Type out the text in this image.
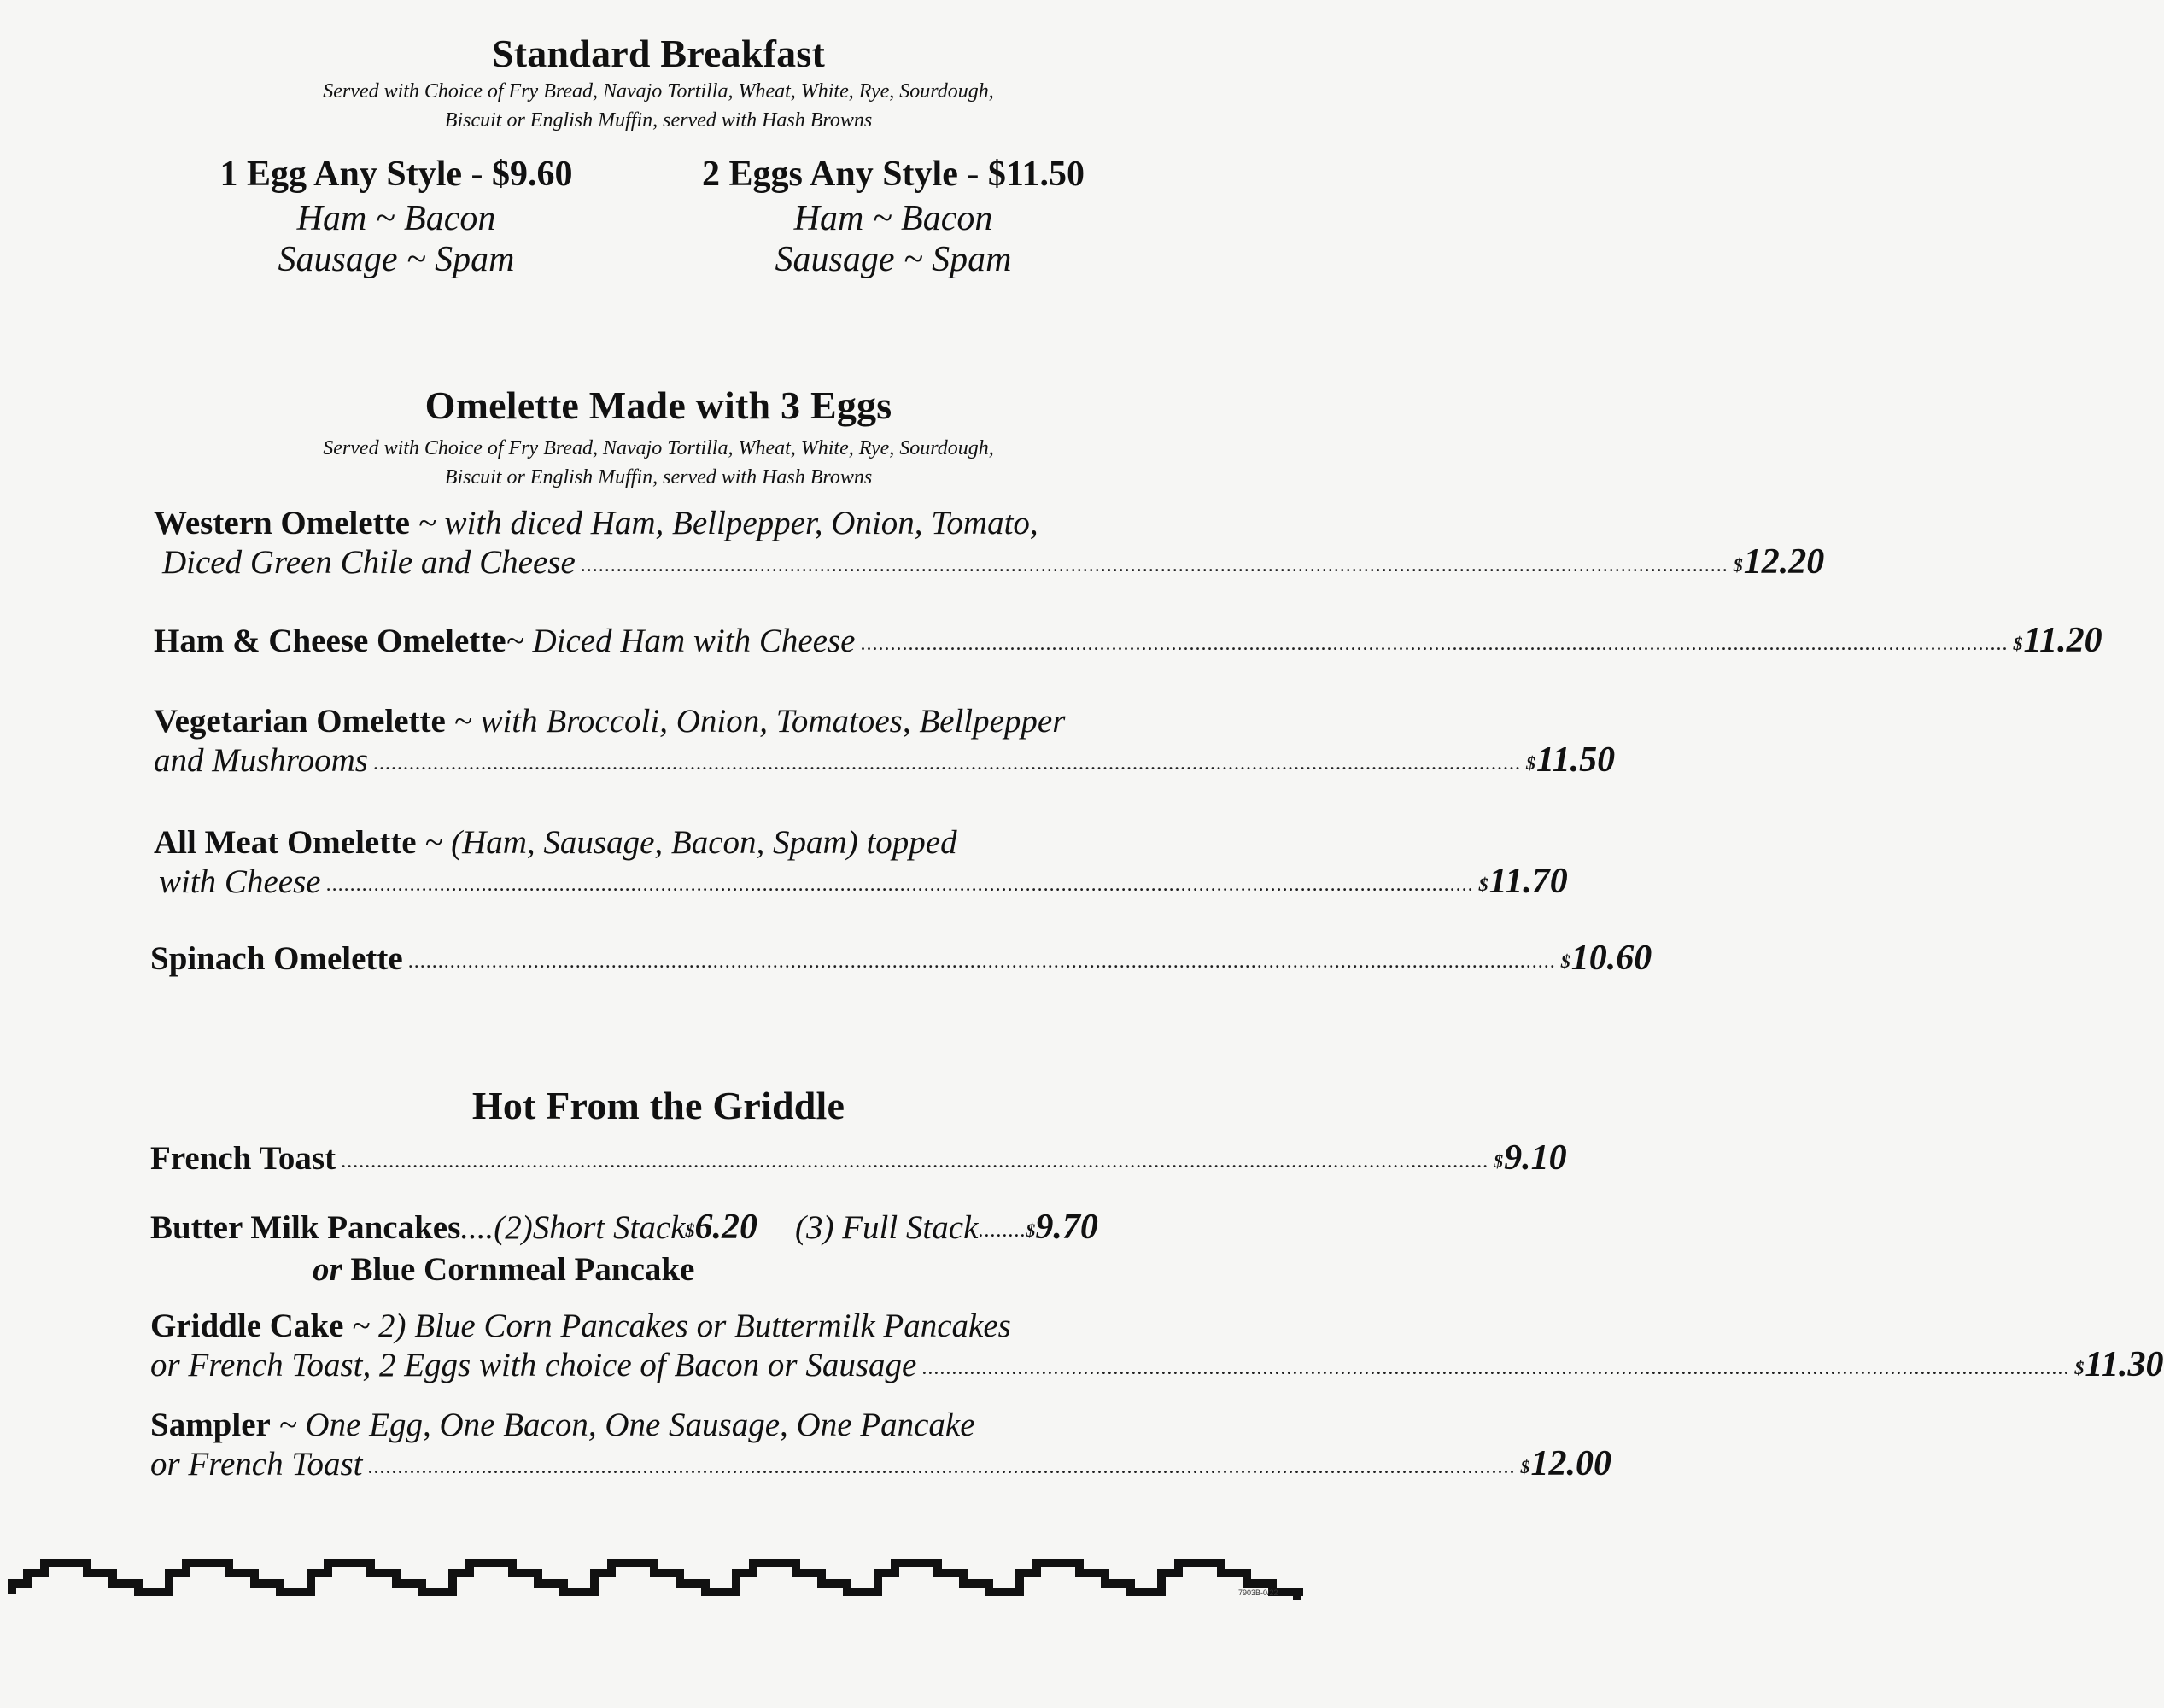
Standard Breakfast
Served with Choice of Fry Bread, Navajo Tortilla, Wheat, White, Rye, Sourdough,
Biscuit or English Muffin, served with Hash Browns
1 Egg Any Style - $9.60
Ham ~ Bacon
Sausage ~ Spam
2 Eggs Any Style - $11.50
Ham ~ Bacon
Sausage ~ Spam
Omelette Made with 3 Eggs
Served with Choice of Fry Bread, Navajo Tortilla, Wheat, White, Rye, Sourdough,
Biscuit or English Muffin, served with Hash Browns
Western Omelette ~ with diced Ham, Bellpepper, Onion, Tomato,
Diced Green Chile and Cheese ................................................................................................................................................................................................ $12.20
Ham & Cheese Omelette ~ Diced Ham with Cheese ................................................................................................................................................................................................ $11.20
Vegetarian Omelette ~ with Broccoli, Onion, Tomatoes, Bellpepper
and Mushrooms ................................................................................................................................................................................................ $11.50
All Meat Omelette ~ (Ham, Sausage, Bacon, Spam) topped
with Cheese ................................................................................................................................................................................................ $11.70
Spinach Omelette ................................................................................................................................................................................................ $10.60
Hot From the Griddle
French Toast ................................................................................................................................................................................................ $9.10
Butter Milk Pancakes ....(2)Short Stack $6.20 (3) Full Stack ........ $9.70
or Blue Cornmeal Pancake
Griddle Cake ~ 2) Blue Corn Pancakes or Buttermilk Pancakes
or French Toast, 2 Eggs with choice of Bacon or Sausage ................................................................................................................................................................................................ $11.30
Sampler ~ One Egg, One Bacon, One Sausage, One Pancake
or French Toast ................................................................................................................................................................................................ $12.00
7903B-0/22
